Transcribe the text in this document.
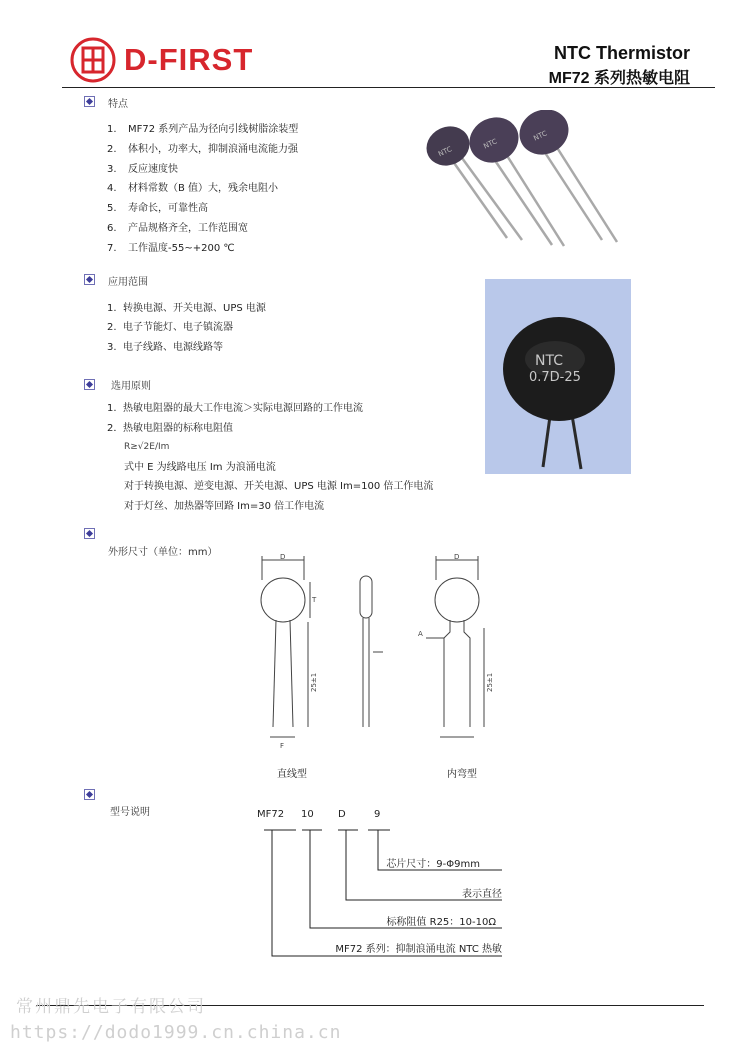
D-FIRST	NTC Thermistor
MF72 系列热敏电阻
特点
1. MF72 系列产品为径向引线树脂涂装型
2. 体积小，功率大，抑制浪涌电流能力强
3. 反应速度快
4. 材料常数（B 值）大，残余电阻小
5. 寿命长，可靠性高
6. 产品规格齐全，工作范围宽
7. 工作温度-55~+200 ℃
NTC
NTC
NTC
应用范围
1. 转换电源、开关电源、UPS 电源
2. 电子节能灯、电子镇流器
3. 电子线路、电源线路等
NTC
0.7D-25
选用原则
1. 热敏电阻器的最大工作电流＞实际电源回路的工作电流
2．热敏电阻器的标称电阻值
R≥√2E/Im
式中 E 为线路电压 Im 为浪涌电流
对于转换电源、逆变电源、开关电源、UPS 电源 Im=100 倍工作电流
对于灯丝、加热器等回路 Im=30 倍工作电流
外形尺寸（单位：mm）	D	D
T
A
25±1	25±1
F
直线型	内弯型
型号说明	MF72 10 D	9
芯片尺寸：9-Φ9mm
表示直径
标称阻值 R25：10-10Ω
MF72 系列：抑制浪涌电流 NTC 热敏
常州鼎先电子有限公司
https://dodo1999.cn.china.cn
